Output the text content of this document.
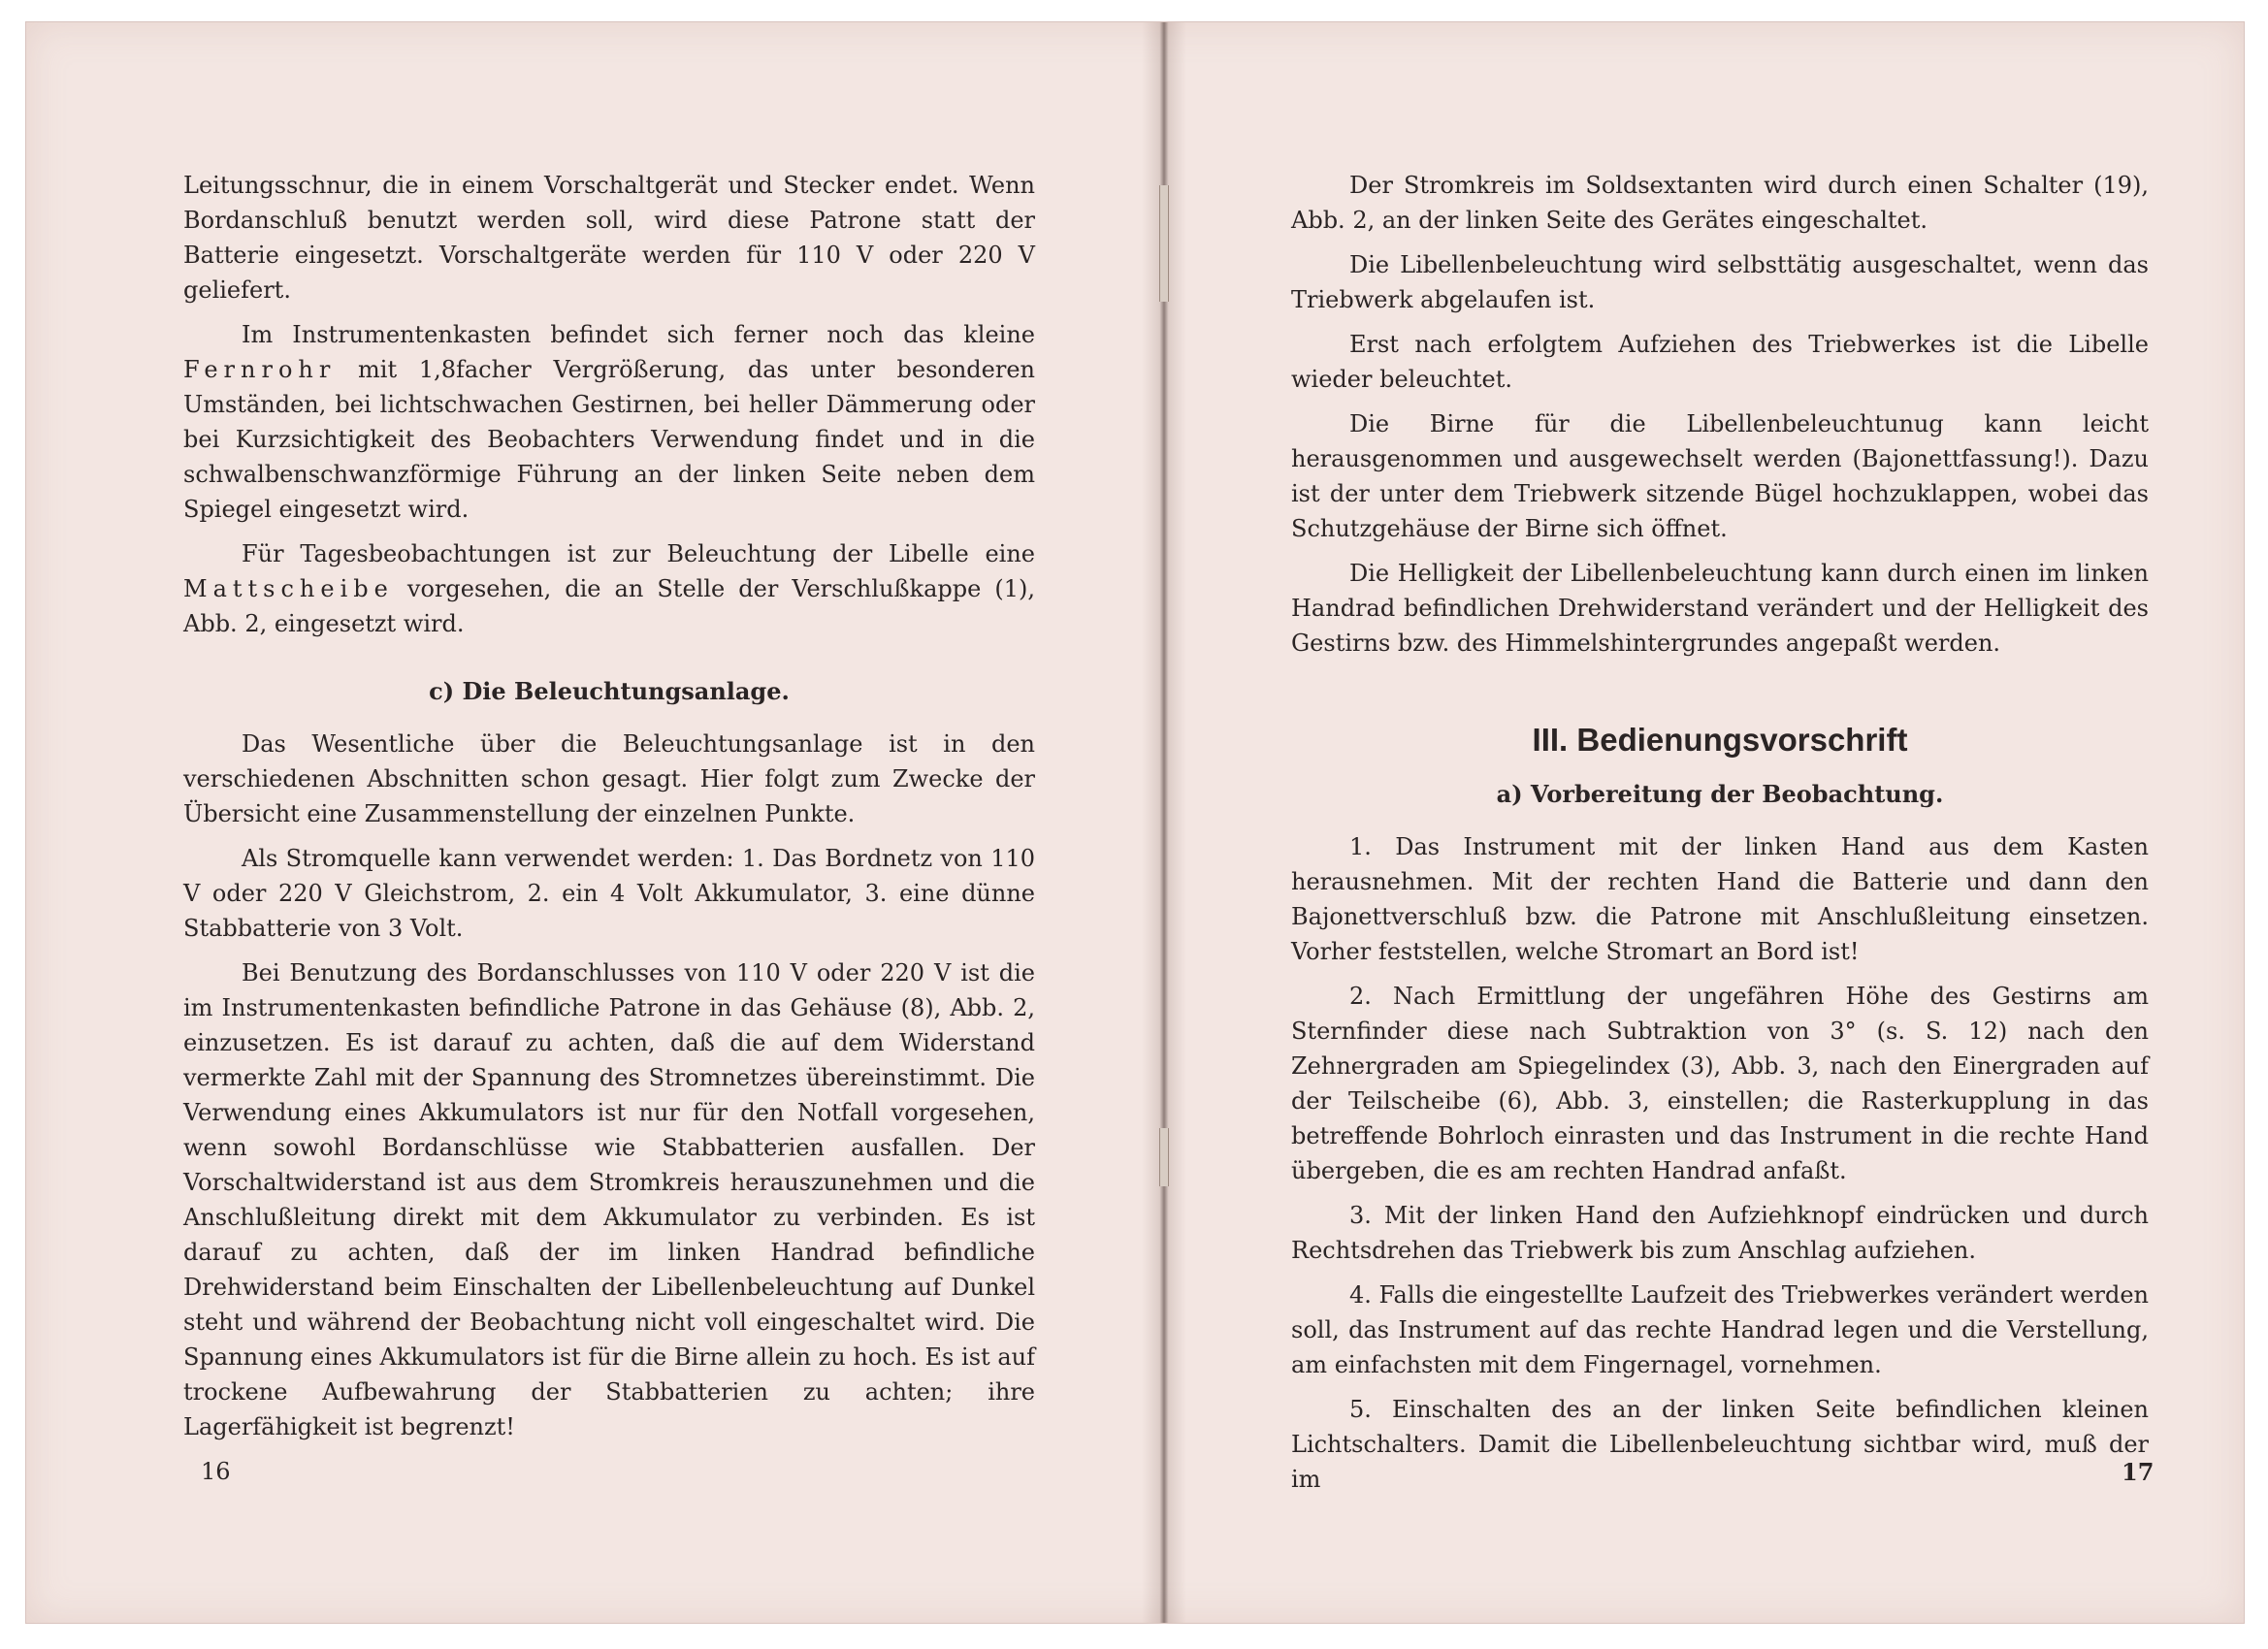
Leitungsschnur, die in einem Vorschaltgerät und Stecker endet. Wenn Bordanschluß benutzt werden soll, wird diese Patrone statt der Batterie eingesetzt. Vorschaltgeräte werden für 110 V oder 220 V geliefert.

Im Instrumentenkasten befindet sich ferner noch das kleine Fernrohr mit 1,8facher Vergrößerung, das unter besonderen Umständen, bei lichtschwachen Gestirnen, bei heller Dämmerung oder bei Kurzsichtigkeit des Beobachters Verwendung findet und in die schwalbenschwanzförmige Führung an der linken Seite neben dem Spiegel eingesetzt wird.

Für Tagesbeobachtungen ist zur Beleuchtung der Libelle eine Mattscheibe vorgesehen, die an Stelle der Verschlußkappe (1), Abb. 2, eingesetzt wird.

c) Die Beleuchtungsanlage.

Das Wesentliche über die Beleuchtungsanlage ist in den verschiedenen Abschnitten schon gesagt. Hier folgt zum Zwecke der Übersicht eine Zusammenstellung der einzelnen Punkte.

Als Stromquelle kann verwendet werden: 1. Das Bordnetz von 110 V oder 220 V Gleichstrom, 2. ein 4 Volt Akkumulator, 3. eine dünne Stabbatterie von 3 Volt.

Bei Benutzung des Bordanschlusses von 110 V oder 220 V ist die im Instrumentenkasten befindliche Patrone in das Gehäuse (8), Abb. 2, einzusetzen. Es ist darauf zu achten, daß die auf dem Widerstand vermerkte Zahl mit der Spannung des Stromnetzes übereinstimmt. Die Verwendung eines Akkumulators ist nur für den Notfall vorgesehen, wenn sowohl Bordanschlüsse wie Stabbatterien ausfallen. Der Vorschaltwiderstand ist aus dem Stromkreis herauszunehmen und die Anschlußleitung direkt mit dem Akkumulator zu verbinden. Es ist darauf zu achten, daß der im linken Handrad befindliche Drehwiderstand beim Einschalten der Libellenbeleuchtung auf Dunkel steht und während der Beobachtung nicht voll eingeschaltet wird. Die Spannung eines Akkumulators ist für die Birne allein zu hoch. Es ist auf trockene Aufbewahrung der Stabbatterien zu achten; ihre Lagerfähigkeit ist begrenzt!

Der Stromkreis im Soldsextanten wird durch einen Schalter (19), Abb. 2, an der linken Seite des Gerätes eingeschaltet.

Die Libellenbeleuchtung wird selbsttätig ausgeschaltet, wenn das Triebwerk abgelaufen ist.

Erst nach erfolgtem Aufziehen des Triebwerkes ist die Libelle wieder beleuchtet.

Die Birne für die Libellenbeleuchtunug kann leicht herausgenommen und ausgewechselt werden (Bajonettfassung!). Dazu ist der unter dem Triebwerk sitzende Bügel hochzuklappen, wobei das Schutzgehäuse der Birne sich öffnet.

Die Helligkeit der Libellenbeleuchtung kann durch einen im linken Handrad befindlichen Drehwiderstand verändert und der Helligkeit des Gestirns bzw. des Himmelshintergrundes angepaßt werden.

III. Bedienungsvorschrift
a) Vorbereitung der Beobachtung.

1. Das Instrument mit der linken Hand aus dem Kasten herausnehmen. Mit der rechten Hand die Batterie und dann den Bajonettverschluß bzw. die Patrone mit Anschlußleitung einsetzen. Vorher feststellen, welche Stromart an Bord ist!

2. Nach Ermittlung der ungefähren Höhe des Gestirns am Sternfinder diese nach Subtraktion von 3° (s. S. 12) nach den Zehnergraden am Spiegelindex (3), Abb. 3, nach den Einergraden auf der Teilscheibe (6), Abb. 3, einstellen; die Rasterkupplung in das betreffende Bohrloch einrasten und das Instrument in die rechte Hand übergeben, die es am rechten Handrad anfaßt.

3. Mit der linken Hand den Aufziehknopf eindrücken und durch Rechtsdrehen das Triebwerk bis zum Anschlag aufziehen.

4. Falls die eingestellte Laufzeit des Triebwerkes verändert werden soll, das Instrument auf das rechte Handrad legen und die Verstellung, am einfachsten mit dem Fingernagel, vornehmen.

5. Einschalten des an der linken Seite befindlichen kleinen Lichtschalters. Damit die Libellenbeleuchtung sichtbar wird, muß der im

16	17
